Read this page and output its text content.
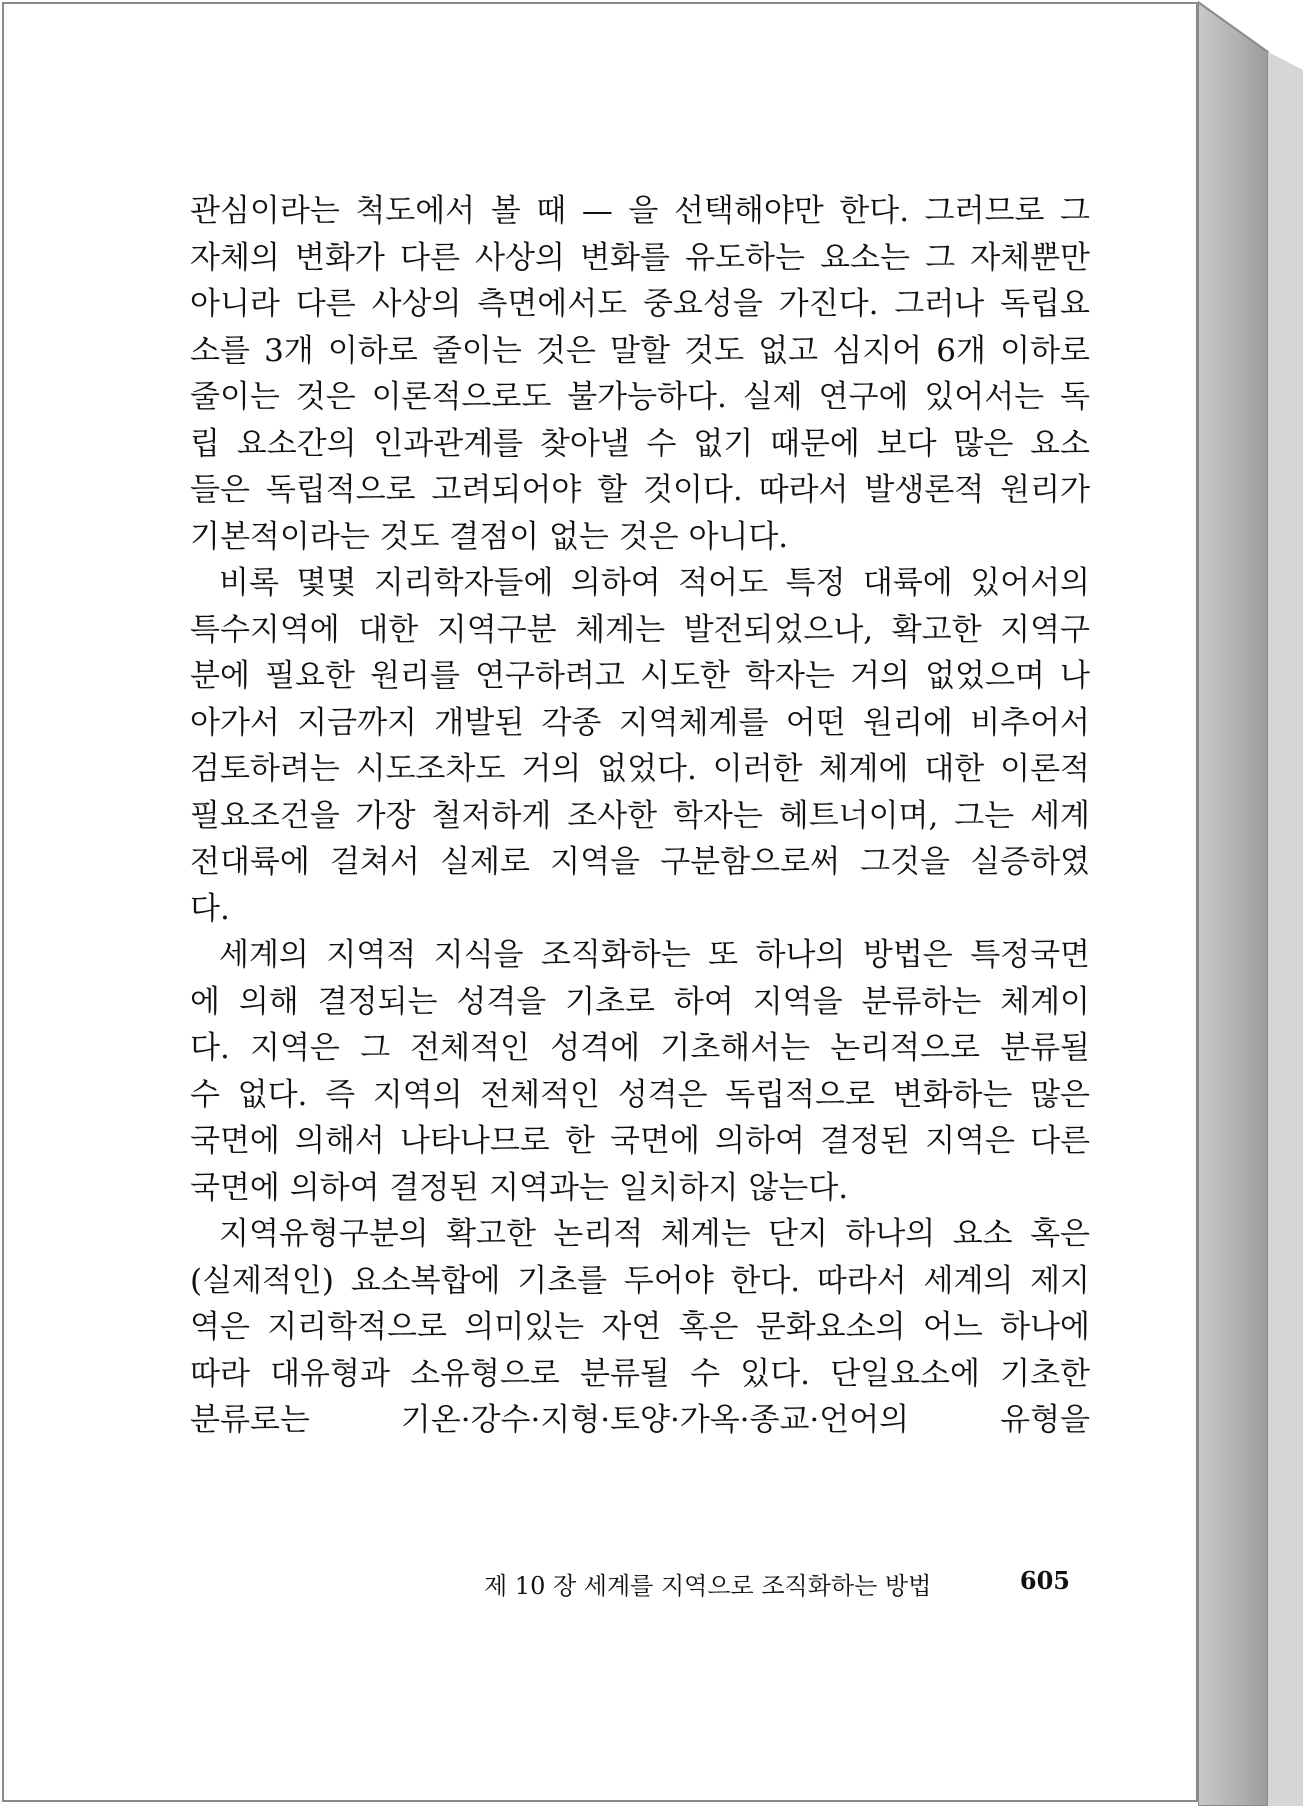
관심이라는 척도에서 볼 때 — 을 선택해야만 한다. 그러므로 그
자체의 변화가 다른 사상의 변화를 유도하는 요소는 그 자체뿐만
아니라 다른 사상의 측면에서도 중요성을 가진다. 그러나 독립요
소를 3개 이하로 줄이는 것은 말할 것도 없고 심지어 6개 이하로
줄이는 것은 이론적으로도 불가능하다. 실제 연구에 있어서는 독
립 요소간의 인과관계를 찾아낼 수 없기 때문에 보다 많은 요소
들은 독립적으로 고려되어야 할 것이다. 따라서 발생론적 원리가
기본적이라는 것도 결점이 없는 것은 아니다.
비록 몇몇 지리학자들에 의하여 적어도 특정 대륙에 있어서의
특수지역에 대한 지역구분 체계는 발전되었으나, 확고한 지역구
분에 필요한 원리를 연구하려고 시도한 학자는 거의 없었으며 나
아가서 지금까지 개발된 각종 지역체계를 어떤 원리에 비추어서
검토하려는 시도조차도 거의 없었다. 이러한 체계에 대한 이론적
필요조건을 가장 철저하게 조사한 학자는 헤트너이며, 그는 세계
전대륙에 걸쳐서 실제로 지역을 구분함으로써 그것을 실증하였
다.
세계의 지역적 지식을 조직화하는 또 하나의 방법은 특정국면
에 의해 결정되는 성격을 기초로 하여 지역을 분류하는 체계이
다. 지역은 그 전체적인 성격에 기초해서는 논리적으로 분류될
수 없다. 즉 지역의 전체적인 성격은 독립적으로 변화하는 많은
국면에 의해서 나타나므로 한 국면에 의하여 결정된 지역은 다른
국면에 의하여 결정된 지역과는 일치하지 않는다.
지역유형구분의 확고한 논리적 체계는 단지 하나의 요소 혹은
(실제적인) 요소복합에 기초를 두어야 한다. 따라서 세계의 제지
역은 지리학적으로 의미있는 자연 혹은 문화요소의 어느 하나에
따라 대유형과 소유형으로 분류될 수 있다. 단일요소에 기초한
분류로는 기온·강수·지형·토양·가옥·종교·언어의 유형을
제 10 장 세계를 지역으로 조직화하는 방법	605
